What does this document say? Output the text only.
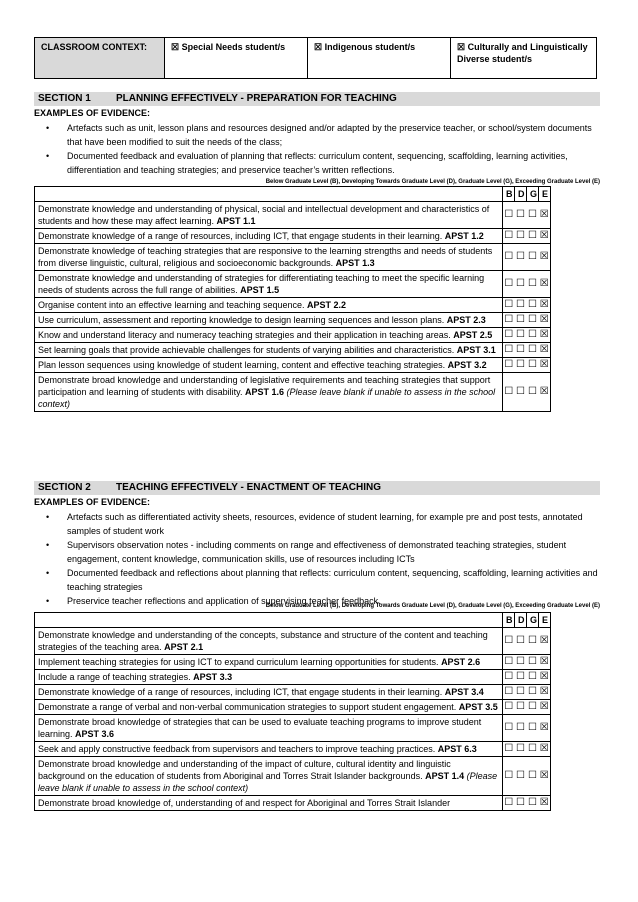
CLASSROOM CONTEXT:	☒ Special Needs student/s	☒ Indigenous student/s	☒ Culturally and Linguistically Diverse student/s
SECTION 1	PLANNING EFFECTIVELY - PREPARATION FOR TEACHING
EXAMPLES OF EVIDENCE:
• Artefacts such as unit, lesson plans and resources designed and/or adapted by the preservice teacher, or school/system documents that have been modified to suit the needs of the class;
• Documented feedback and evaluation of planning that reflects: curriculum content, sequencing, scaffolding, learning activities, differentiation and teaching strategies; and preservice teacher’s written reflections.
Below Graduate Level (B), Developing Towards Graduate Level (D), Graduate Level (G), Exceeding Graduate Level (E)
		B	D	G	E	
Demonstrate knowledge and understanding of physical, social and intellectual development and characteristics of students and how these may affect learning. APST 1.1		☐	☐	☐	☒	
Demonstrate knowledge of a range of resources, including ICT, that engage students in their learning. APST 1.2		☐	☐	☐	☒	
Demonstrate knowledge of teaching strategies that are responsive to the learning strengths and needs of students from diverse linguistic, cultural, religious and socioeconomic backgrounds. APST 1.3		☐	☐	☐	☒	
Demonstrate knowledge and understanding of strategies for differentiating teaching to meet the specific learning needs of students across the full range of abilities. APST 1.5		☐	☐	☐	☒	
Organise content into an effective learning and teaching sequence. APST 2.2		☐	☐	☐	☒	
Use curriculum, assessment and reporting knowledge to design learning sequences and lesson plans. APST 2.3		☐	☐	☐	☒	
Know and understand literacy and numeracy teaching strategies and their application in teaching areas. APST 2.5		☐	☐	☐	☒	
Set learning goals that provide achievable challenges for students of varying abilities and characteristics. APST 3.1		☐	☐	☐	☒	
Plan lesson sequences using knowledge of student learning, content and effective teaching strategies. APST 3.2		☐	☐	☐	☒	
Demonstrate broad knowledge and understanding of legislative requirements and teaching strategies that support participation and learning of students with disability. APST 1.6 (Please leave blank if unable to assess in the school context)		☐	☐	☐	☒	
SECTION 2	TEACHING EFFECTIVELY - ENACTMENT OF TEACHING
EXAMPLES OF EVIDENCE:
• Artefacts such as differentiated activity sheets, resources, evidence of student learning, for example pre and post tests, annotated samples of student work
• Supervisors observation notes - including comments on range and effectiveness of demonstrated teaching strategies, student engagement, content knowledge, communication skills, use of resources including ICTs
• Documented feedback and reflections about planning that reflects: curriculum content, sequencing, scaffolding, learning activities and teaching strategies
• Preservice teacher reflections and application of supervising teacher feedback.
Below Graduate Level (B), Developing Towards Graduate Level (D), Graduate Level (G), Exceeding Graduate Level (E)
		B	D	G	E	
Demonstrate knowledge and understanding of the concepts, substance and structure of the content and teaching strategies of the teaching area. APST 2.1		☐	☐	☐	☒	
Implement teaching strategies for using ICT to expand curriculum learning opportunities for students. APST 2.6		☐	☐	☐	☒	
Include a range of teaching strategies. APST 3.3		☐	☐	☐	☒	
Demonstrate knowledge of a range of resources, including ICT, that engage students in their learning. APST 3.4		☐	☐	☐	☒	
Demonstrate a range of verbal and non-verbal communication strategies to support student engagement. APST 3.5		☐	☐	☐	☒	
Demonstrate broad knowledge of strategies that can be used to evaluate teaching programs to improve student learning. APST 3.6		☐	☐	☐	☒	
Seek and apply constructive feedback from supervisors and teachers to improve teaching practices. APST 6.3		☐	☐	☐	☒	
Demonstrate broad knowledge and understanding of the impact of culture, cultural identity and linguistic background on the education of students from Aboriginal and Torres Strait Islander backgrounds. APST 1.4 (Please leave blank if unable to assess in the school context)		☐	☐	☐	☒	
Demonstrate broad knowledge of, understanding of and respect for Aboriginal and Torres Strait Islander		☐	☐	☐	☒	
